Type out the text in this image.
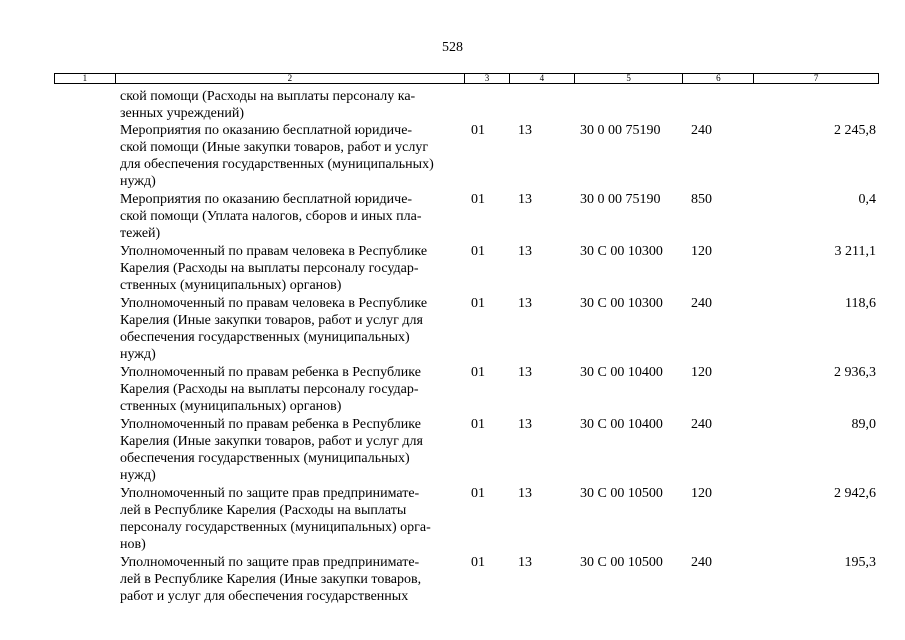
528
1	2	3	4	5	6	7
ской помощи (Расходы на выплаты персоналу ка-
зенных учреждений)
Мероприятия по оказанию бесплатной юридиче-
ской помощи (Иные закупки товаров, работ и услуг
для обеспечения государственных (муниципальных)
нужд)
01 13	30 0 00 75190 240	2 245,8
Мероприятия по оказанию бесплатной юридиче-
ской помощи (Уплата налогов, сборов и иных пла-
тежей)
01 13	30 0 00 75190 850	0,4
Уполномоченный по правам человека в Республике
Карелия (Расходы на выплаты персоналу государ-
ственных (муниципальных) органов)
01 13	30 С 00 10300 120	3 211,1
Уполномоченный по правам человека в Республике
Карелия (Иные закупки товаров, работ и услуг для
обеспечения государственных (муниципальных)
нужд)
01 13	30 С 00 10300 240	118,6
Уполномоченный по правам ребенка в Республике
Карелия (Расходы на выплаты персоналу государ-
ственных (муниципальных) органов)
01 13	30 С 00 10400 120	2 936,3
Уполномоченный по правам ребенка в Республике
Карелия (Иные закупки товаров, работ и услуг для
обеспечения государственных (муниципальных)
нужд)
01 13	30 С 00 10400 240	89,0
Уполномоченный по защите прав предпринимате-
лей в Республике Карелия (Расходы на выплаты
персоналу государственных (муниципальных) орга-
нов)
01 13	30 С 00 10500 120	2 942,6
Уполномоченный по защите прав предпринимате-
лей в Республике Карелия (Иные закупки товаров,
работ и услуг для обеспечения государственных
01 13	30 С 00 10500 240	195,3
